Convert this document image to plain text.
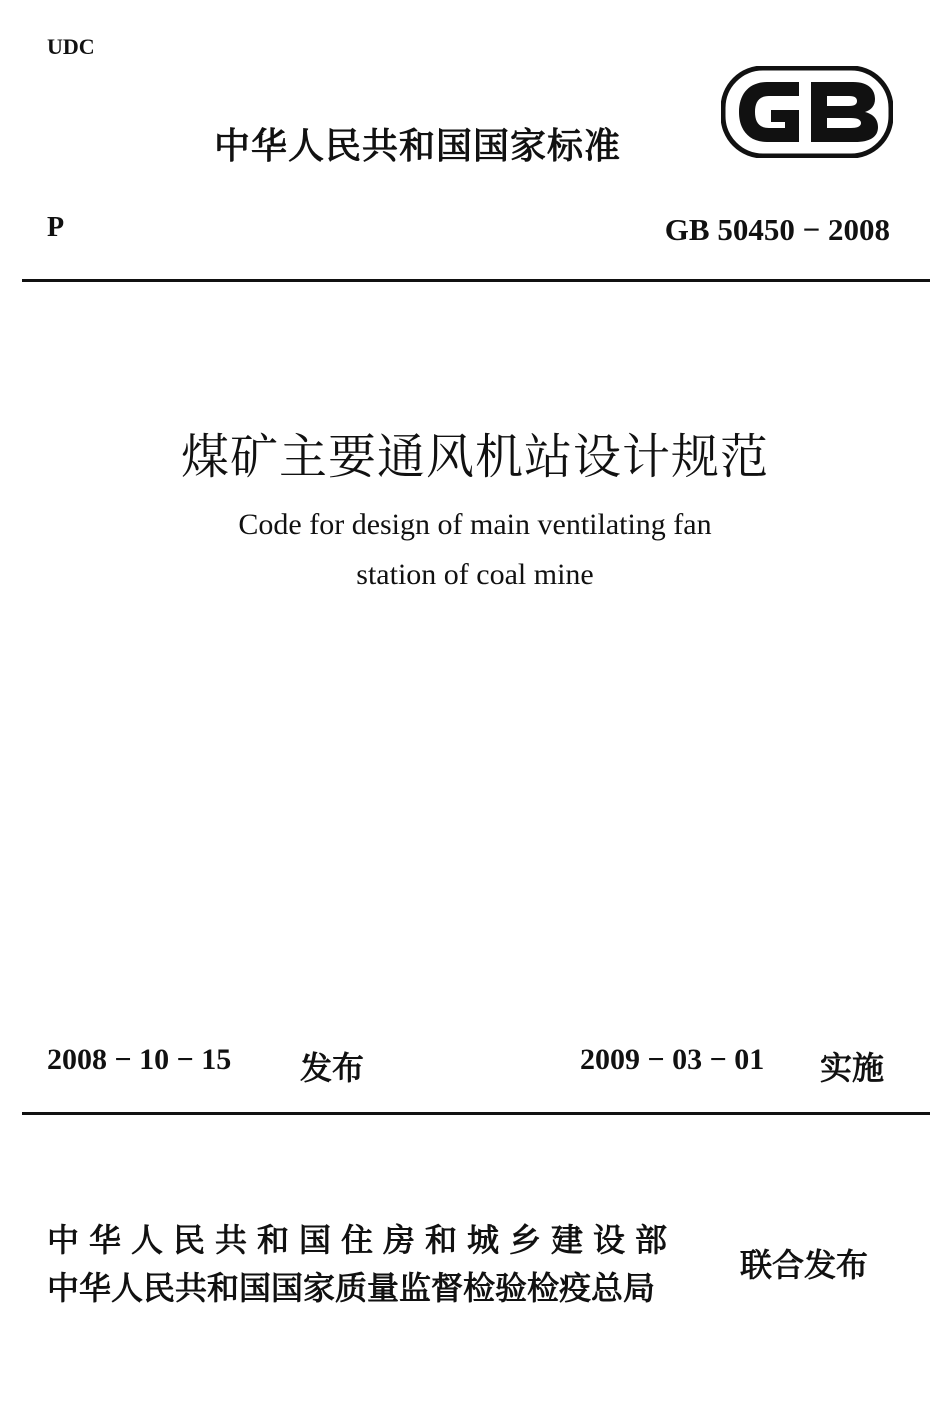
UDC
中华人民共和国国家标准
P	GB 50450 − 2008
煤矿主要通风机站设计规范
Code for design of main ventilating fan
station of coal mine
2008 − 10 − 15 发布	2009 − 03 − 01 实施
中华人民共和国住房和城乡建设部
中华人民共和国国家质量监督检验检疫总局
联合发布
